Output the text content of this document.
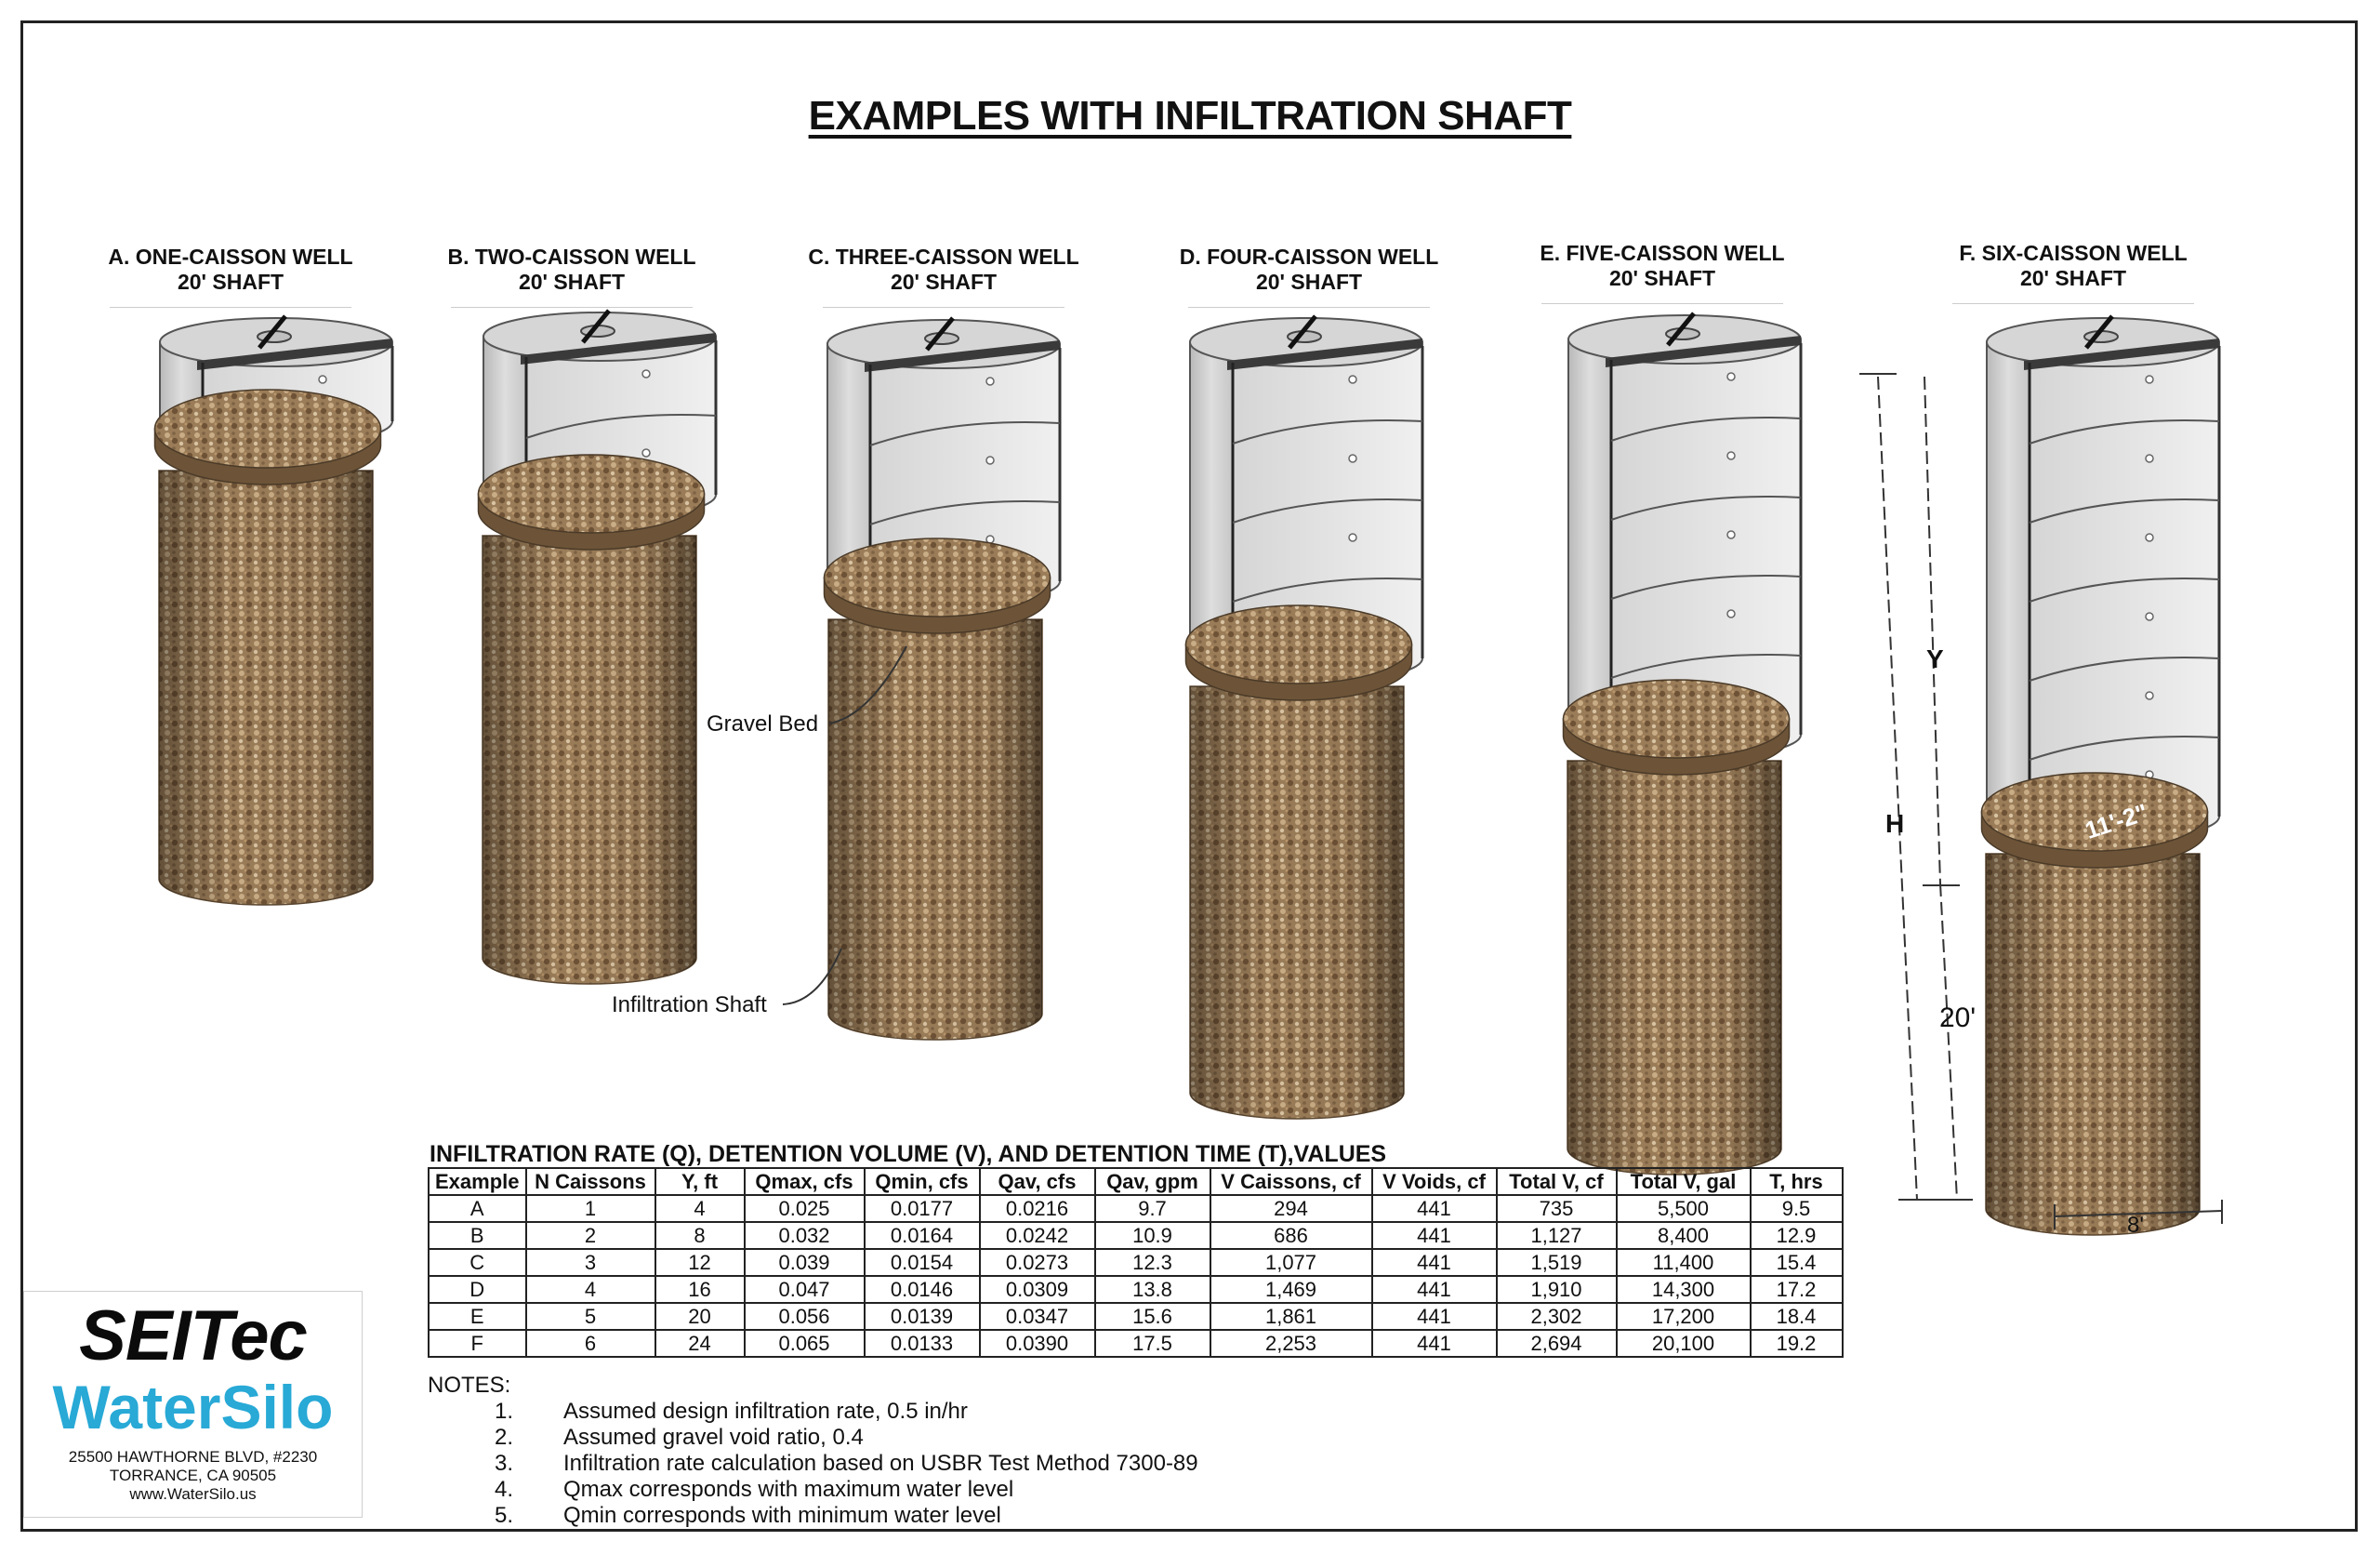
EXAMPLES WITH INFILTRATION SHAFT
A. ONE-CAISSON WELL
20' SHAFT
B. TWO-CAISSON WELL
20' SHAFT
C. THREE-CAISSON WELL
20' SHAFT
D. FOUR-CAISSON WELL
20' SHAFT
E. FIVE-CAISSON WELL
20' SHAFT
F. SIX-CAISSON WELL
20' SHAFT
Gravel Bed
Infiltration Shaft
Y
H
20'
11'-2"
8'
INFILTRATION RATE (Q), DETENTION VOLUME (V), AND DETENTION TIME (T),VALUES
Example	N Caissons	Y, ft	Qmax, cfs	Qmin, cfs	Qav, cfs	Qav, gpm	V Caissons, cf	V Voids, cf	Total V, cf	Total V, gal	T, hrs
A	1	4	0.025	0.0177	0.0216	9.7	294	441	735	5,500	9.5
B	2	8	0.032	0.0164	0.0242	10.9	686	441	1,127	8,400	12.9
C	3	12	0.039	0.0154	0.0273	12.3	1,077	441	1,519	11,400	15.4
D	4	16	0.047	0.0146	0.0309	13.8	1,469	441	1,910	14,300	17.2
E	5	20	0.056	0.0139	0.0347	15.6	1,861	441	2,302	17,200	18.4
F	6	24	0.065	0.0133	0.0390	17.5	2,253	441	2,694	20,100	19.2
NOTES:
1.	Assumed design infiltration rate, 0.5 in/hr
2.	Assumed gravel void ratio, 0.4
3.	Infiltration rate calculation based on USBR Test Method 7300-89
4.	Qmax corresponds with maximum water level
5.	Qmin corresponds with minimum water level
SEITec
WaterSilo
25500 HAWTHORNE BLVD, #2230
TORRANCE, CA 90505
www.WaterSilo.us
